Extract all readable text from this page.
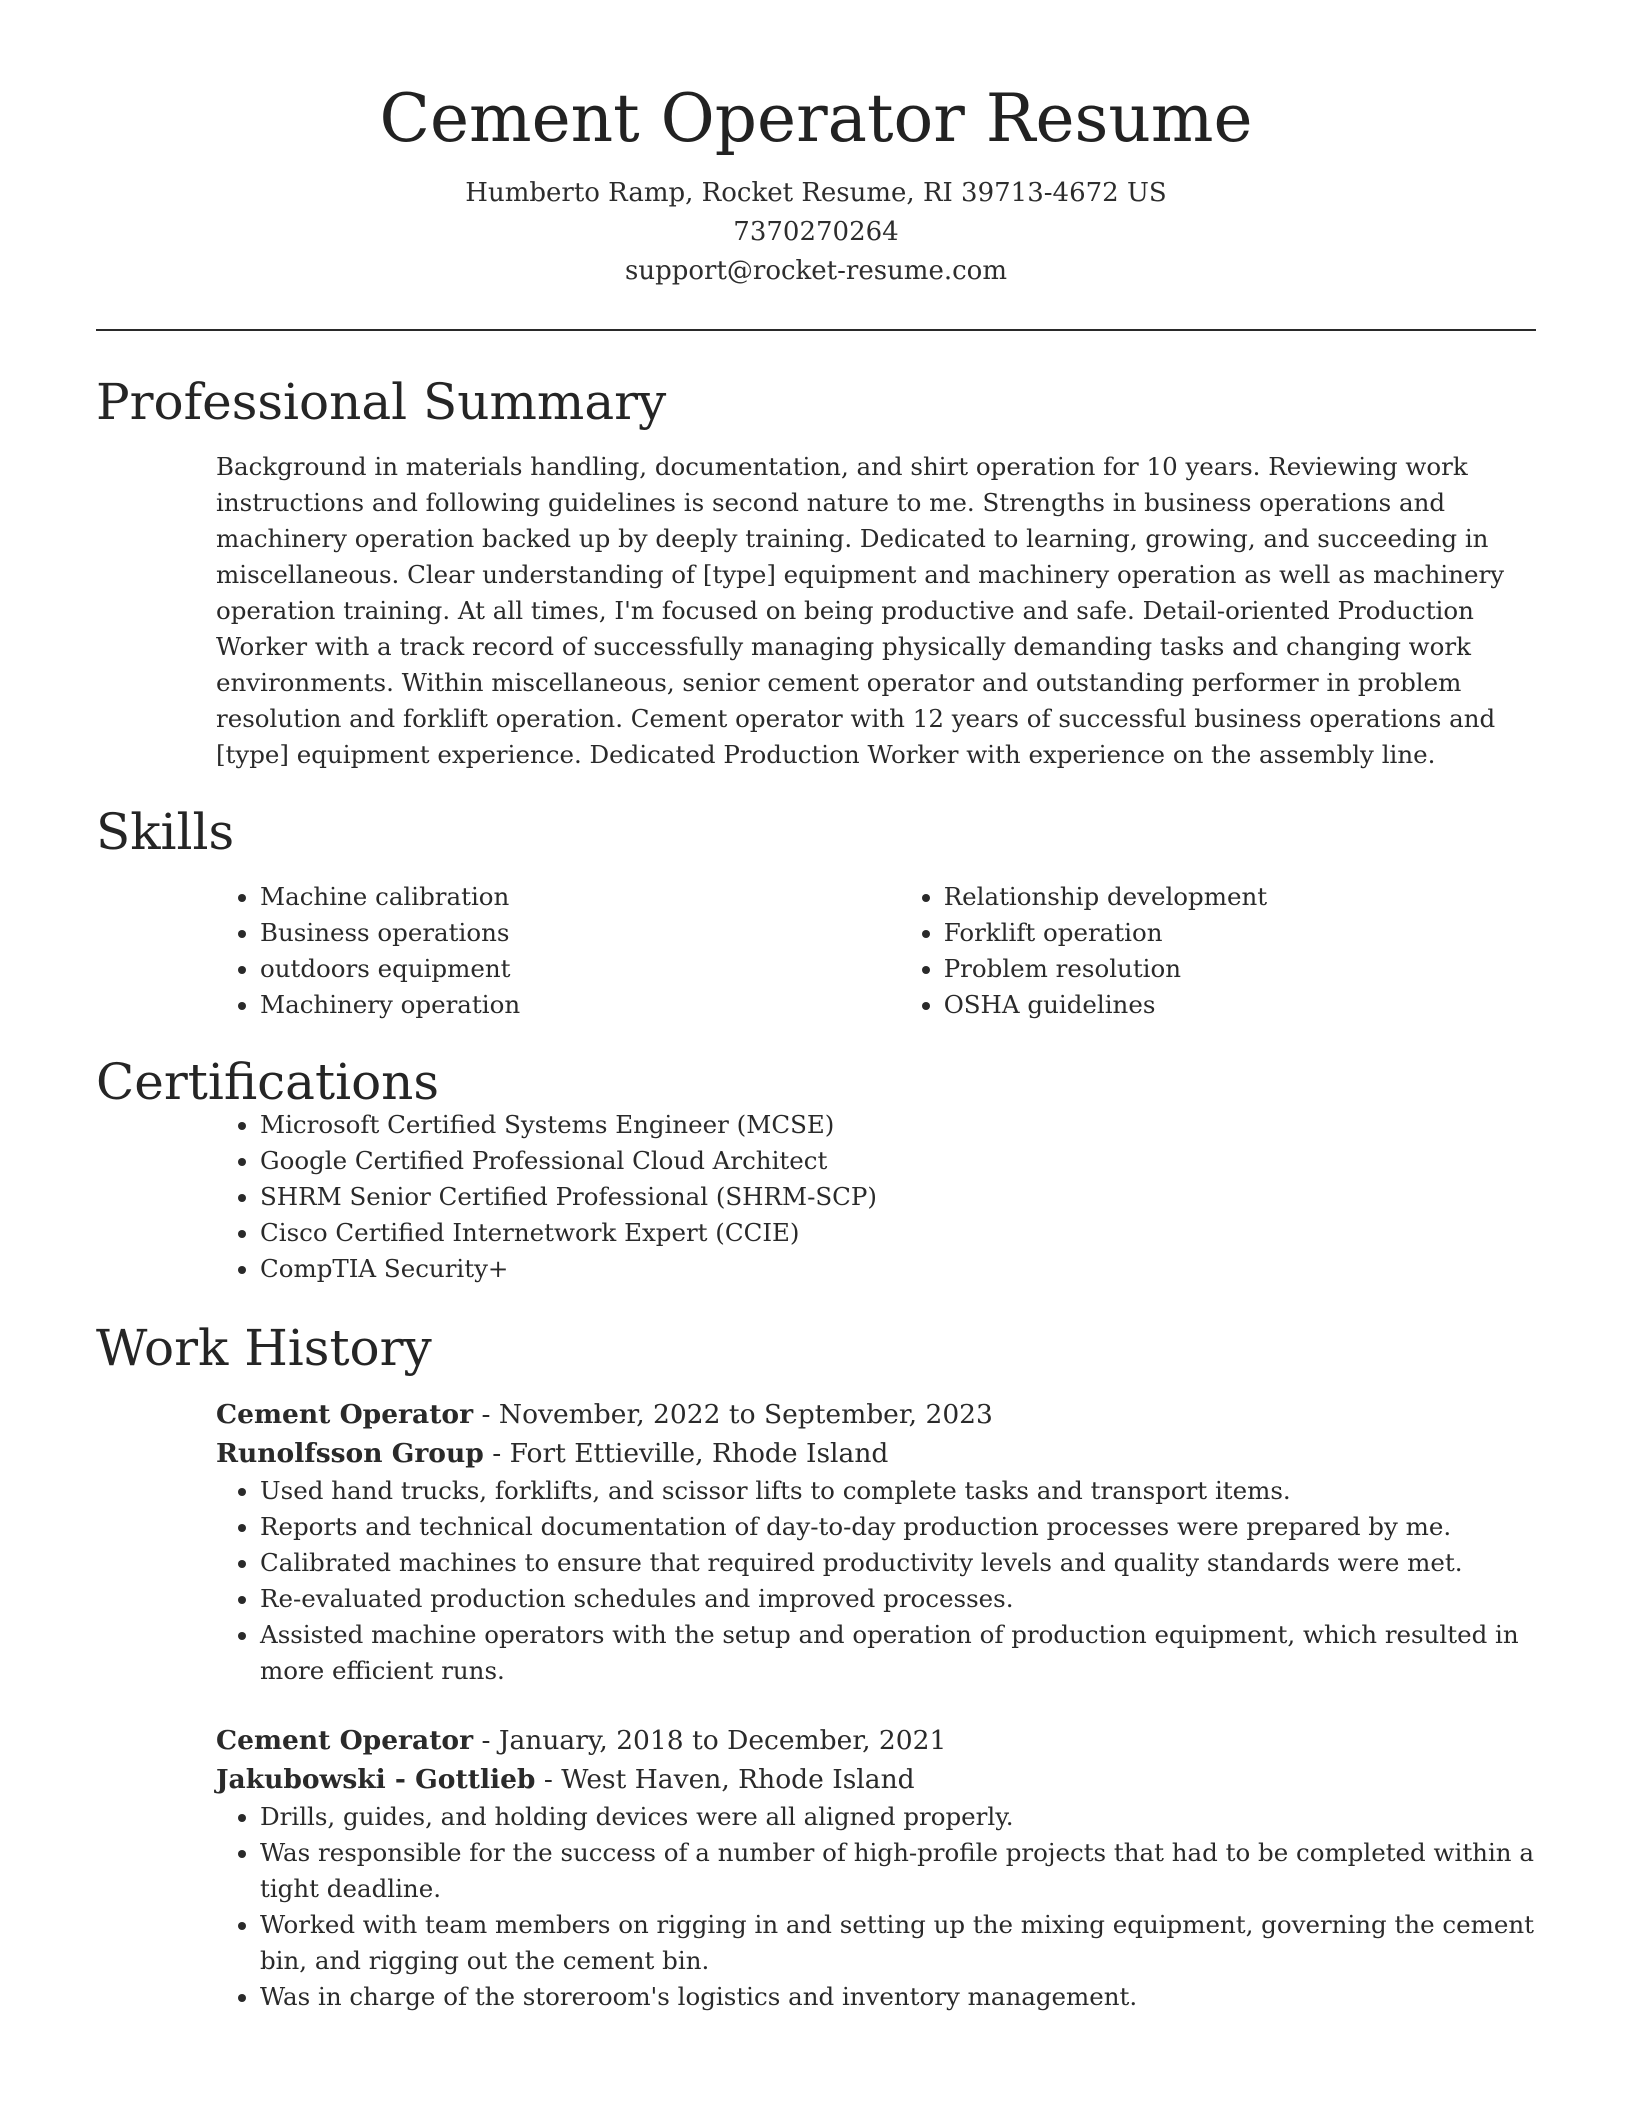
Cement Operator Resume
Humberto Ramp, Rocket Resume, RI 39713-4672 US
7370270264
support@rocket-resume.com
Professional Summary

Background in materials handling, documentation, and shirt operation for 10 years. Reviewing work instructions and following guidelines is second nature to me. Strengths in business operations and machinery operation backed up by deeply training. Dedicated to learning, growing, and succeeding in miscellaneous. Clear understanding of [type] equipment and machinery operation as well as machinery operation training. At all times, I'm focused on being productive and safe. Detail-oriented Production Worker with a track record of successfully managing physically demanding tasks and changing work environments. Within miscellaneous, senior cement operator and outstanding performer in problem resolution and forklift operation. Cement operator with 12 years of successful business operations and [type] equipment experience. Dedicated Production Worker with experience on the assembly line.

Skills
• Machine calibration
• Business operations
• outdoors equipment
• Machinery operation
• Relationship development
• Forklift operation
• Problem resolution
• OSHA guidelines
Certifications
• Microsoft Certified Systems Engineer (MCSE)
• Google Certified Professional Cloud Architect
• SHRM Senior Certified Professional (SHRM-SCP)
• Cisco Certified Internetwork Expert (CCIE)
• CompTIA Security+
Work History
Cement Operator - November, 2022 to September, 2023
Runolfsson Group - Fort Ettieville, Rhode Island
• Used hand trucks, forklifts, and scissor lifts to complete tasks and transport items.
• Reports and technical documentation of day-to-day production processes were prepared by me.
• Calibrated machines to ensure that required productivity levels and quality standards were met.
• Re-evaluated production schedules and improved processes.
• Assisted machine operators with the setup and operation of production equipment, which resulted in more efficient runs.
Cement Operator - January, 2018 to December, 2021
Jakubowski - Gottlieb - West Haven, Rhode Island
• Drills, guides, and holding devices were all aligned properly.
• Was responsible for the success of a number of high-profile projects that had to be completed within a tight deadline.
• Worked with team members on rigging in and setting up the mixing equipment, governing the cement bin, and rigging out the cement bin.
• Was in charge of the storeroom's logistics and inventory management.
